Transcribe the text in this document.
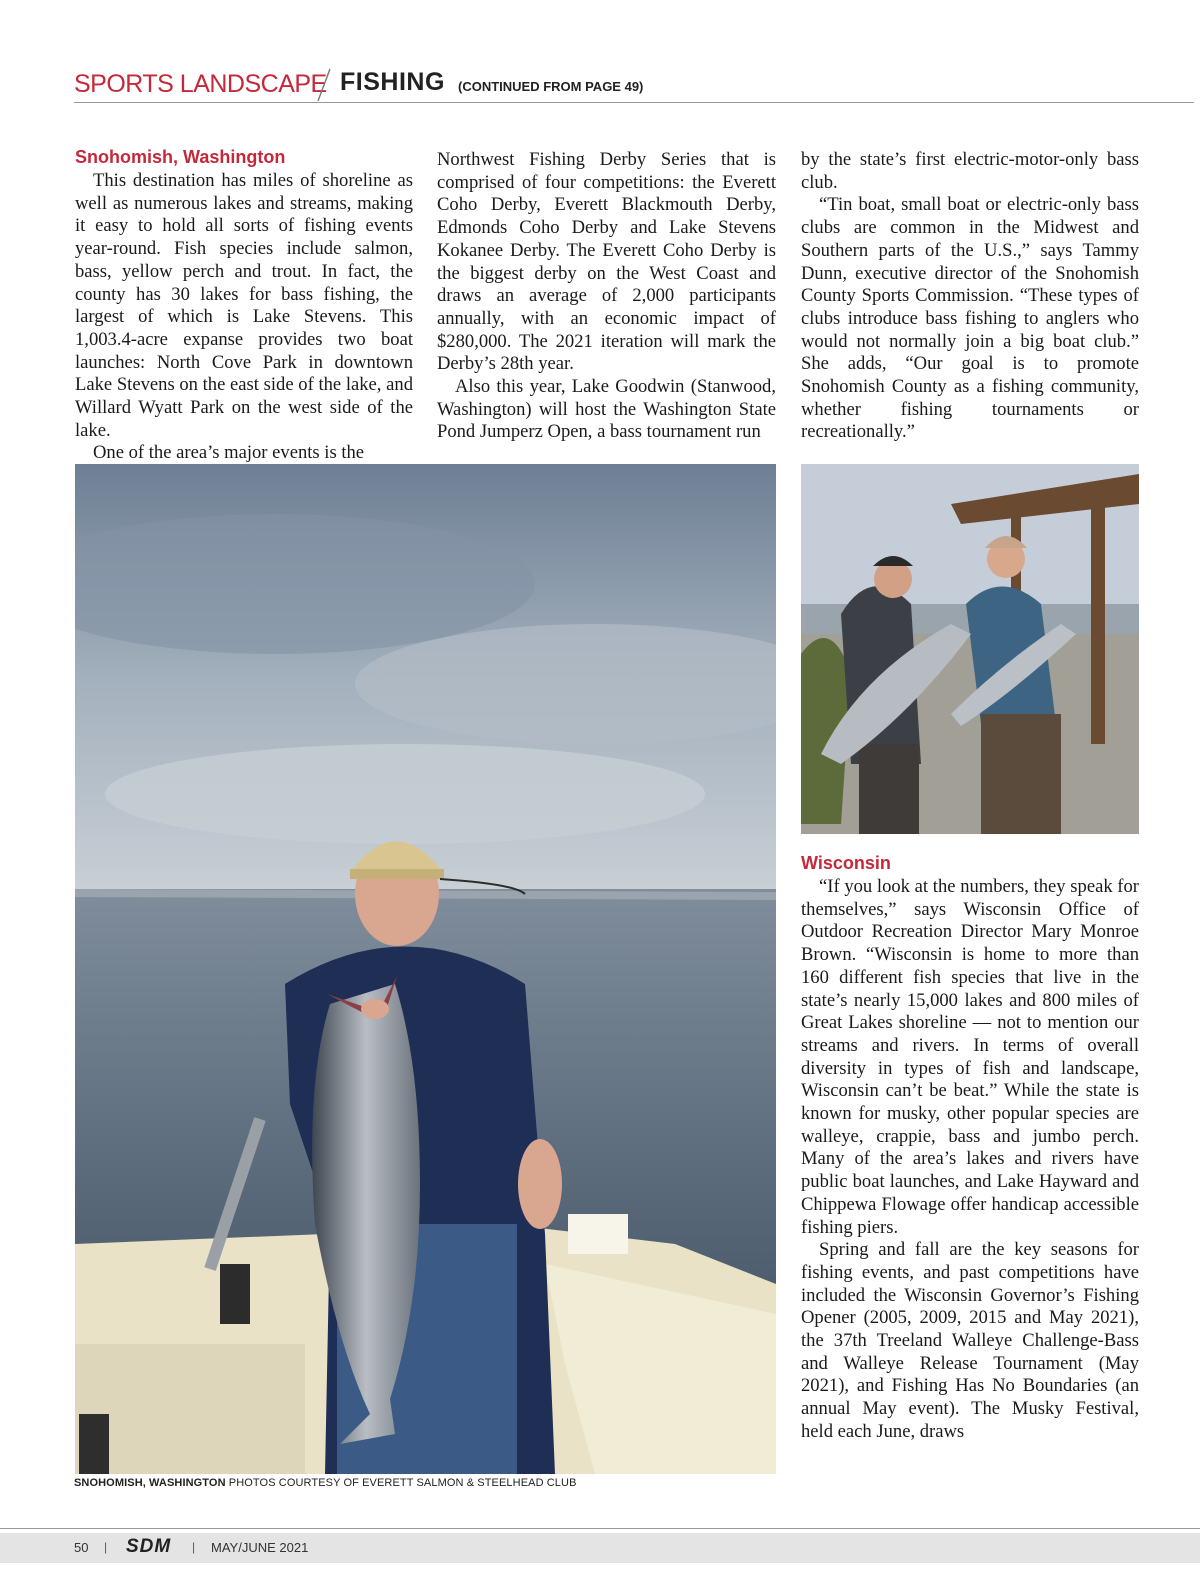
SPORTS LANDSCAPE FISHING (CONTINUED FROM PAGE 49)
Snohomish, Washington

This destination has miles of shoreline as well as numerous lakes and streams, making it easy to hold all sorts of fishing events year-round. Fish species include salmon, bass, yellow perch and trout. In fact, the county has 30 lakes for bass fishing, the largest of which is Lake Stevens. This 1,003.4-acre expanse provides two boat launches: North Cove Park in downtown Lake Stevens on the east side of the lake, and Willard Wyatt Park on the west side of the lake.

One of the area’s major events is the

Northwest Fishing Derby Series that is comprised of four competitions: the Everett Coho Derby, Everett Blackmouth Derby, Edmonds Coho Derby and Lake Stevens Kokanee Derby. The Everett Coho Derby is the biggest derby on the West Coast and draws an average of 2,000 participants annually, with an economic impact of $280,000. The 2021 iteration will mark the Derby’s 28th year.

Also this year, Lake Goodwin (Stanwood, Washington) will host the Washington State Pond Jumperz Open, a bass tournament run

by the state’s first electric-motor-only bass club.

“Tin boat, small boat or electric-only bass clubs are common in the Midwest and Southern parts of the U.S.,” says Tammy Dunn, executive director of the Snohomish County Sports Commission. “These types of clubs introduce bass fishing to anglers who would not normally join a big boat club.” She adds, “Our goal is to promote Snohomish County as a fishing community, whether fishing tournaments or recreationally.”

SNOHOMISH, WASHINGTON PHOTOS COURTESY OF EVERETT SALMON & STEELHEAD CLUB
Wisconsin

“If you look at the numbers, they speak for themselves,” says Wisconsin Office of Outdoor Recreation Director Mary Monroe Brown. “Wisconsin is home to more than 160 different fish species that live in the state’s nearly 15,000 lakes and 800 miles of Great Lakes shoreline — not to mention our streams and rivers. In terms of overall diversity in types of fish and landscape, Wisconsin can’t be beat.” While the state is known for musky, other popular species are walleye, crappie, bass and jumbo perch. Many of the area’s lakes and rivers have public boat launches, and Lake Hayward and Chippewa Flowage offer handicap accessible fishing piers.

Spring and fall are the key seasons for fishing events, and past competitions have included the Wisconsin Governor’s Fishing Opener (2005, 2009, 2015 and May 2021), the 37th Treeland Walleye Challenge-Bass and Walleye Release Tournament (May 2021), and Fishing Has No Boundaries (an annual May event). The Musky Festival, held each June, draws

50 | SDM | MAY/JUNE 2021
